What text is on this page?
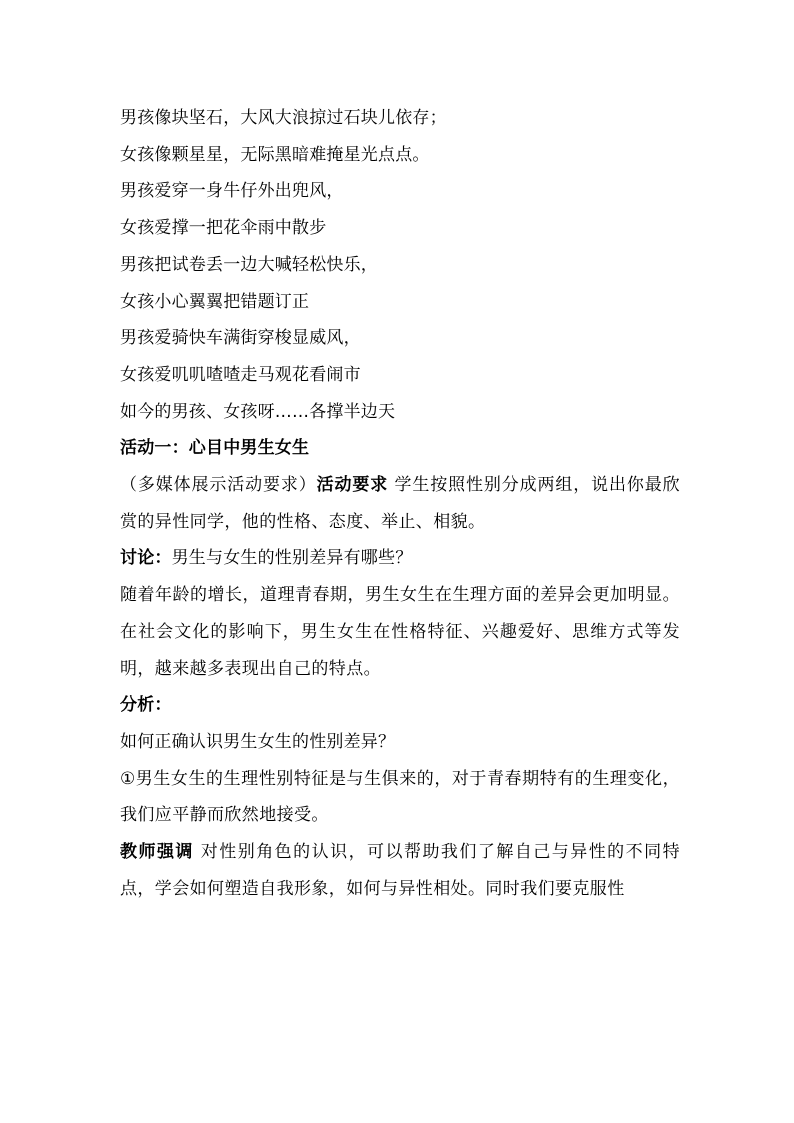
男孩像块坚石，大风大浪掠过石块儿依存；
女孩像颗星星，无际黑暗难掩星光点点。
男孩爱穿一身牛仔外出兜风，
女孩爱撑一把花伞雨中散步
男孩把试卷丢一边大喊轻松快乐，
女孩小心翼翼把错题订正
男孩爱骑快车满街穿梭显威风，
女孩爱叽叽喳喳走马观花看闹市
如今的男孩、女孩呀……各撑半边天
活动一：心目中男生女生
（多媒体展示活动要求）活动要求 学生按照性别分成两组，说出你最欣赏的异性同学，他的性格、态度、举止、相貌。
讨论：男生与女生的性别差异有哪些？
随着年龄的增长，道理青春期，男生女生在生理方面的差异会更加明显。在社会文化的影响下，男生女生在性格特征、兴趣爱好、思维方式等发明，越来越多表现出自己的特点。
分析：
如何正确认识男生女生的性别差异？
①男生女生的生理性别特征是与生俱来的，对于青春期特有的生理变化，我们应平静而欣然地接受。
教师强调 对性别角色的认识，可以帮助我们了解自己与异性的不同特点，学会如何塑造自我形象，如何与异性相处。同时我们要克服性
